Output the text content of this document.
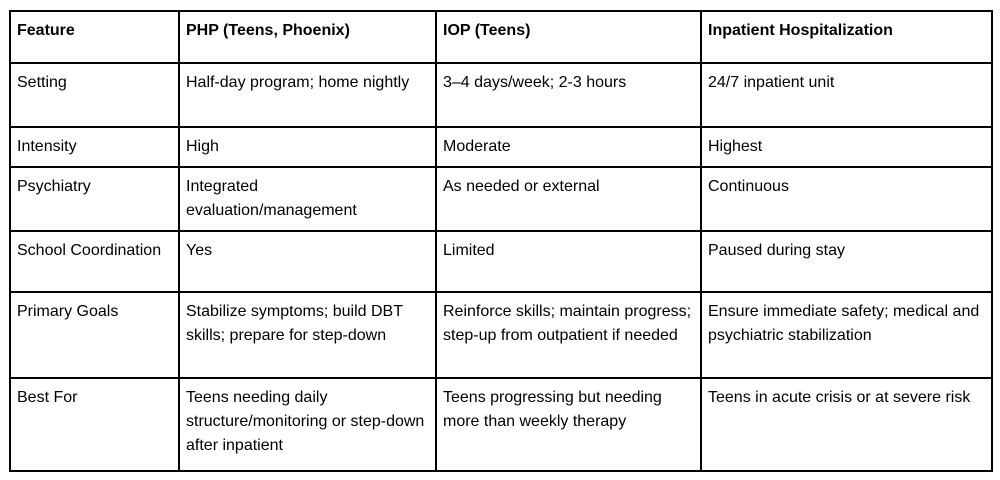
Feature	PHP (Teens, Phoenix)	IOP (Teens)	Inpatient Hospitalization
Setting	Half-day program; home nightly	3–4 days/week; 2-3 hours	24/7 inpatient unit
Intensity	High	Moderate	Highest
Psychiatry	Integrated evaluation/management	As needed or external	Continuous
School Coordination	Yes	Limited	Paused during stay
Primary Goals	Stabilize symptoms; build DBT skills; prepare for step-down	Reinforce skills; maintain progress; step-up from outpatient if needed	Ensure immediate safety; medical and psychiatric stabilization
Best For	Teens needing daily structure/monitoring or step-down after inpatient	Teens progressing but needing more than weekly therapy	Teens in acute crisis or at severe risk
